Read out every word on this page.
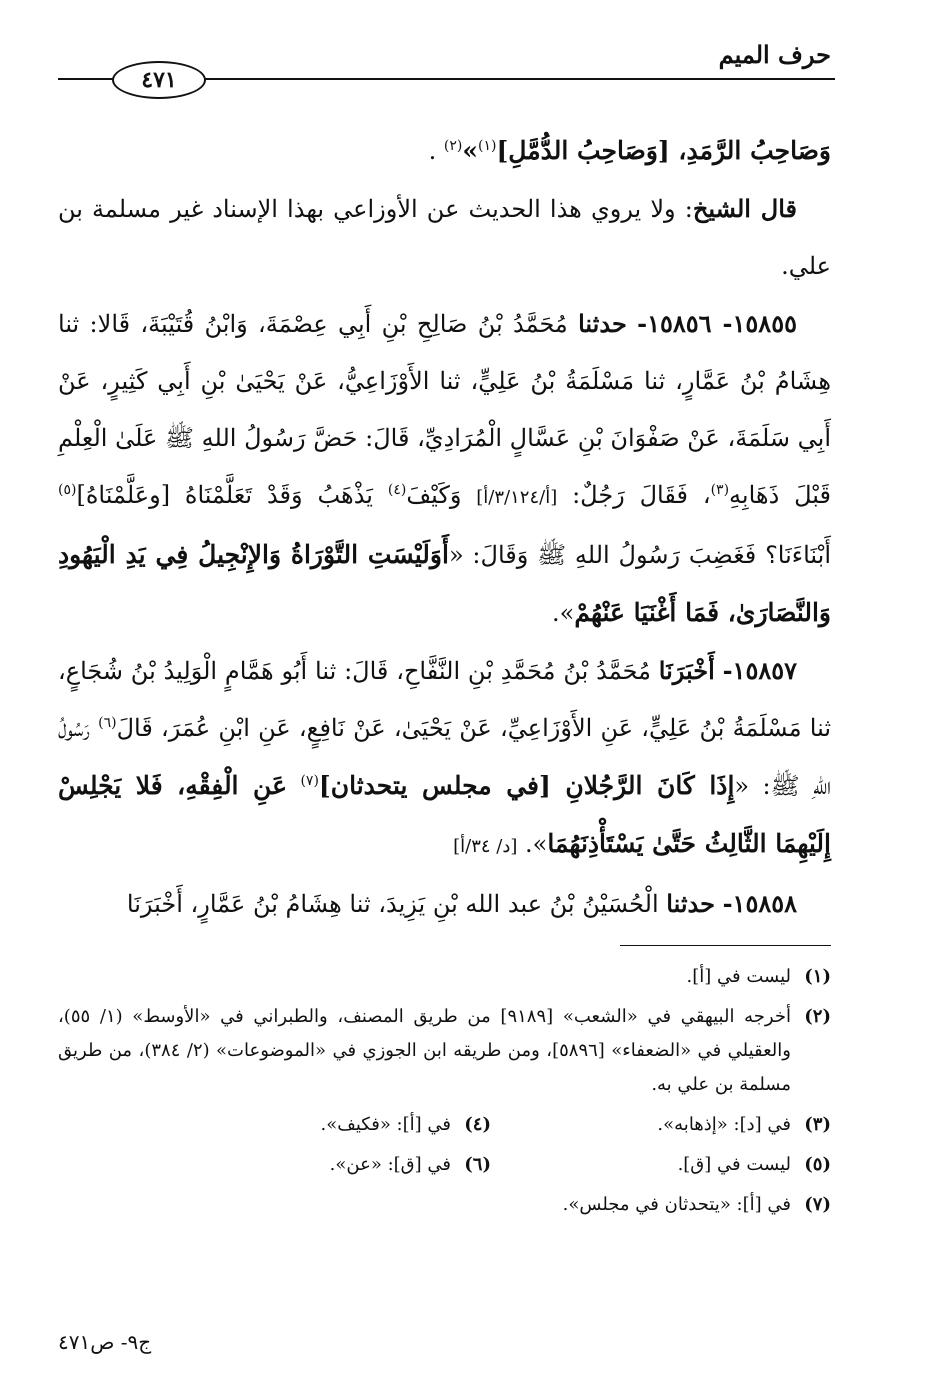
حرف الميم
٤٧١

وَصَاحِبُ الرَّمَدِ، [وَصَاحِبُ الدُّمَّلِ]$^{(١)}$»$^{(٢)}$ .

قال الشيخ: ولا يروي هذا الحديث عن الأوزاعي بهذا الإسناد غير مسلمة بن علي.

١٥٨٥٥- ١٥٨٥٦- حدثنا مُحَمَّدُ بْنُ صَالِحِ بْنِ أَبِي عِصْمَةَ، وَابْنُ قُتَيْبَةَ، قَالا: ثنا هِشَامُ بْنُ عَمَّارٍ، ثنا مَسْلَمَةُ بْنُ عَلِيٍّ، ثنا الأَوْزَاعِيُّ، عَنْ يَحْيَىٰ بْنِ أَبِي كَثِيرٍ، عَنْ أَبِي سَلَمَةَ، عَنْ صَفْوَانَ بْنِ عَسَّالٍ الْمُرَادِيِّ، قَالَ: حَضَّ رَسُولُ اللهِ ﷺ عَلَىٰ الْعِلْمِ قَبْلَ ذَهَابِهِ$^{(٣)}$، فَقَالَ رَجُلٌ: [أ/٣/١٢٤/أ] وَكَيْفَ$^{(٤)}$ يَذْهَبُ وَقَدْ تَعَلَّمْنَاهُ [وعَلَّمْنَاهُ]$^{(٥)}$ أَبْنَاءَنَا؟ فَغَضِبَ رَسُولُ اللهِ ﷺ وَقَالَ: «أَوَلَيْسَتِ التَّوْرَاةُ وَالإِنْجِيلُ فِي يَدِ الْيَهُودِ وَالنَّصَارَىٰ، فَمَا أَغْنَيَا عَنْهُمْ».

١٥٨٥٧- أَخْبَرَنَا مُحَمَّدُ بْنُ مُحَمَّدِ بْنِ النَّفَّاحِ، قَالَ: ثنا أَبُو هَمَّامٍ الْوَلِيدُ بْنُ شُجَاعٍ، ثنا مَسْلَمَةُ بْنُ عَلِيٍّ، عَنِ الأَوْزَاعِيِّ، عَنْ يَحْيَىٰ، عَنْ نَافِعٍ، عَنِ ابْنِ عُمَرَ، قَالَ$^{(٦)}$ رَسُولُ اللهِ ﷺ: «إِذَا كَانَ الرَّجُلانِ [في مجلس يتحدثان]$^{(٧)}$ عَنِ الْفِقْهِ، فَلا يَجْلِسْ إِلَيْهِمَا الثَّالِثُ حَتَّىٰ يَسْتَأْذِنَهُمَا». [د/ ٣٤/أ]

١٥٨٥٨- حدثنا الْحُسَيْنُ بْنُ عبد الله بْنِ يَزِيدَ، ثنا هِشَامُ بْنُ عَمَّارٍ، أَخْبَرَنَا

(١)
ليست في [أ].
(٢)
أخرجه البيهقي في «الشعب» [٩١٨٩] من طريق المصنف، والطبراني في «الأوسط» (١/ ٥٥)، والعقيلي في «الضعفاء» [٥٨٩٦]، ومن طريقه ابن الجوزي في «الموضوعات» (٢/ ٣٨٤)، من طريق مسلمة بن علي به.
(٣)
في [د]: «إذهابه».
(٤)
في [أ]: «فكيف».
(٥)
ليست في [ق].
(٦)
في [ق]: «عن».
(٧)
في [أ]: «يتحدثان في مجلس».
ج٩- ص٤٧١
